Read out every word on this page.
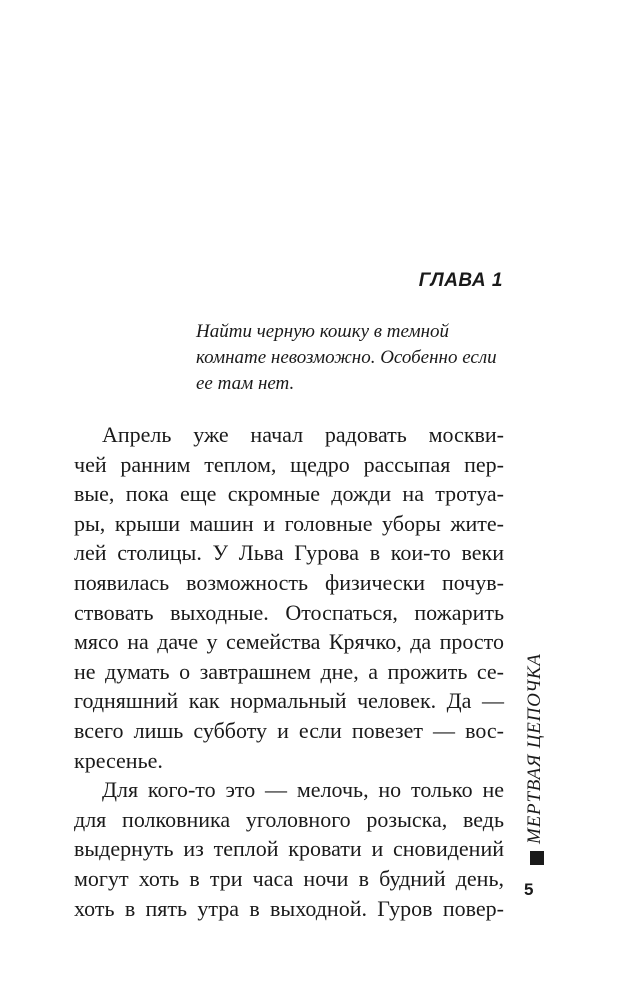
ГЛАВА 1
Найти черную кошку в темной
комнате невозможно. Особенно если
ее там нет.
Апрель уже начал радовать москви-
чей ранним теплом, щедро рассыпая пер-
вые, пока еще скромные дожди на тротуа-
ры, крыши машин и головные уборы жите-
лей столицы. У Льва Гурова в кои-то веки
появилась возможность физически почув-
ствовать выходные. Отоспаться, пожарить
мясо на даче у семейства Крячко, да просто
не думать о завтрашнем дне, а прожить се-
годняшний как нормальный человек. Да —
всего лишь субботу и если повезет — вос-
кресенье.
Для кого-то это — мелочь, но только не
для полковника уголовного розыска, ведь
выдернуть из теплой кровати и сновидений
могут хоть в три часа ночи в будний день,
хоть в пять утра в выходной. Гуров повер-
МЕРТВАЯ ЦЕПОЧКА
5
